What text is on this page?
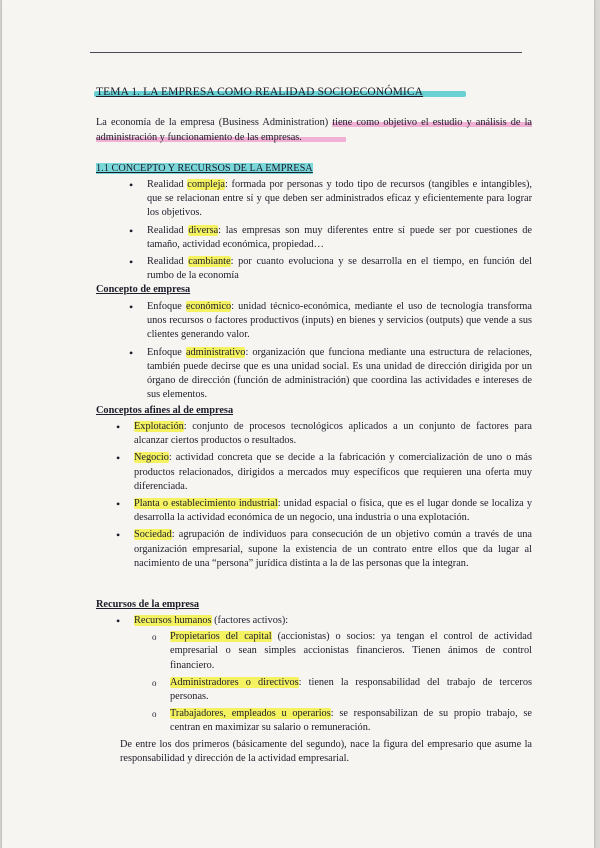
TEMA 1. LA EMPRESA COMO REALIDAD SOCIOECONÓMICA

La economía de la empresa (Business Administration) tiene como objetivo el estudio y análisis de la administración y funcionamiento de las empresas.

1.1 CONCEPTO Y RECURSOS DE LA EMPRESA
• Realidad compleja: formada por personas y todo tipo de recursos (tangibles e intangibles), que se relacionan entre sí y que deben ser administrados eficaz y eficientemente para lograr los objetivos.
• Realidad diversa: las empresas son muy diferentes entre sí puede ser por cuestiones de tamaño, actividad económica, propiedad…
• Realidad cambiante: por cuanto evoluciona y se desarrolla en el tiempo, en función del rumbo de la economía
Concepto de empresa
• Enfoque económico: unidad técnico-económica, mediante el uso de tecnología transforma unos recursos o factores productivos (inputs) en bienes y servicios (outputs) que vende a sus clientes generando valor.
• Enfoque administrativo: organización que funciona mediante una estructura de relaciones, también puede decirse que es una unidad social. Es una unidad de dirección dirigida por un órgano de dirección (función de administración) que coordina las actividades e intereses de sus elementos.
Conceptos afines al de empresa
• Explotación: conjunto de procesos tecnológicos aplicados a un conjunto de factores para alcanzar ciertos productos o resultados.
• Negocio: actividad concreta que se decide a la fabricación y comercialización de uno o más productos relacionados, dirigidos a mercados muy específicos que requieren una oferta muy diferenciada.
• Planta o establecimiento industrial: unidad espacial o física, que es el lugar donde se localiza y desarrolla la actividad económica de un negocio, una industria o una explotación.
• Sociedad: agrupación de individuos para consecución de un objetivo común a través de una organización empresarial, supone la existencia de un contrato entre ellos que da lugar al nacimiento de una “persona” jurídica distinta a la de las personas que la integran.
Recursos de la empresa
• Recursos humanos (factores activos):
o Propietarios del capital (accionistas) o socios: ya tengan el control de actividad empresarial o sean simples accionistas financieros. Tienen ánimos de control financiero.
o Administradores o directivos: tienen la responsabilidad del trabajo de terceros personas.
o Trabajadores, empleados u operarios: se responsabilizan de su propio trabajo, se centran en maximizar su salario o remuneración.

De entre los dos primeros (básicamente del segundo), nace la figura del empresario que asume la responsabilidad y dirección de la actividad empresarial.
